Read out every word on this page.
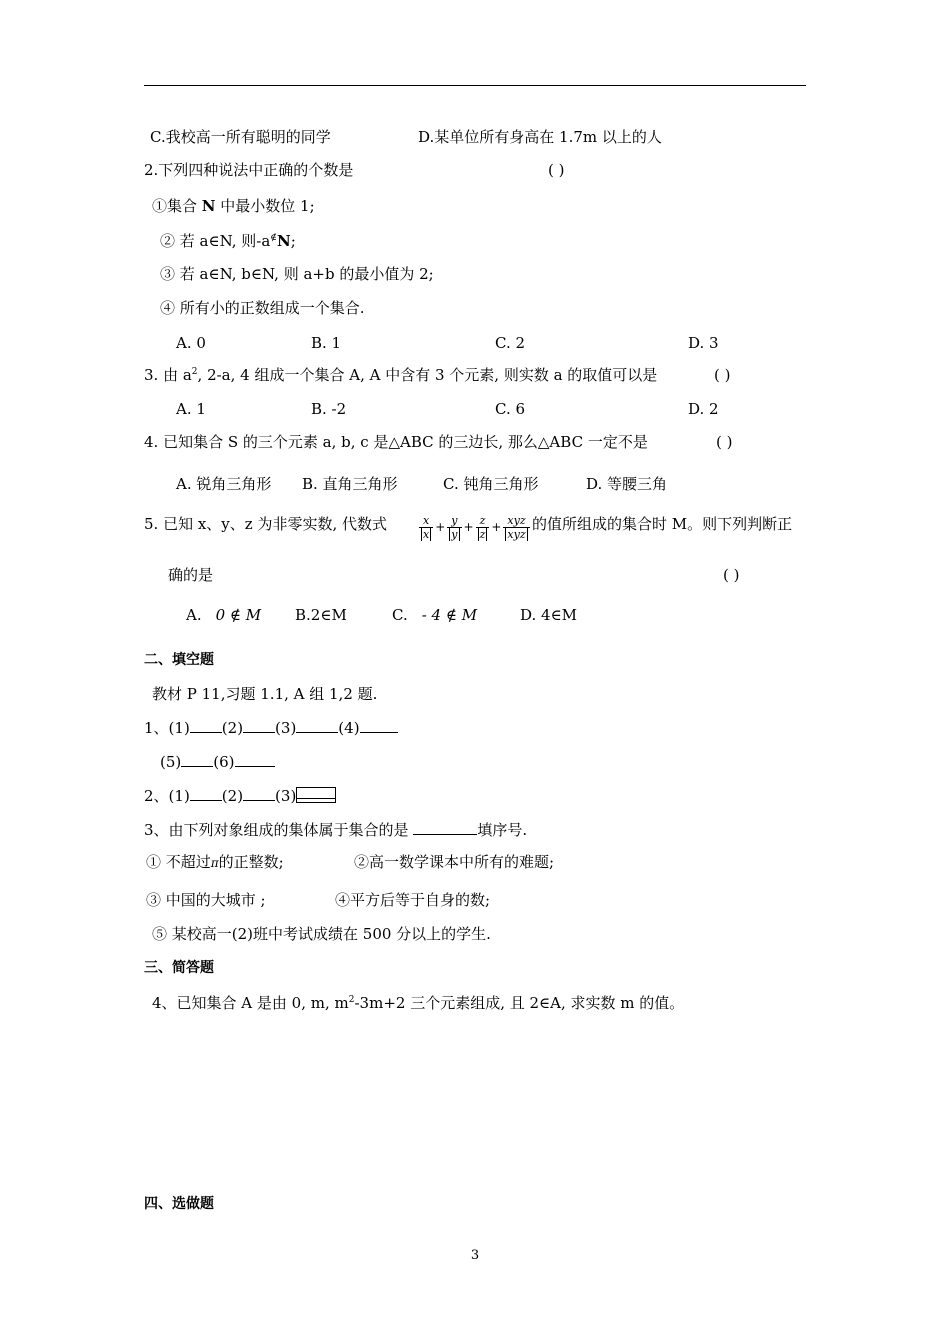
C.我校高一所有聪明的同学	D.某单位所有身高在 1.7m 以上的人
2.下列四种说法中正确的个数是	( )
①集合 N 中最小数位 1;
② 若 a∈N, 则-a∉N;
③ 若 a∈N, b∈N, 则 a+b 的最小值为 2;
④ 所有小的正数组成一个集合.
A. 0	B. 1	C. 2	D. 3
3. 由 $a^2$, 2-a, 4 组成一个集合 A, A 中含有 3 个元素, 则实数 a 的取值可以是	( )
A. 1	B. -2	C. 6	D. 2
4. 已知集合 S 的三个元素 a, b, c 是△ABC 的三边长, 那么△ABC 一定不是	( )
A. 锐角三角形 B. 直角三角形	C. 钝角三角形	D. 等腰三角
5. 已知 x、y、z 为非零实数, 代数式	$\frac{x}{x} + \frac{y}{y} + \frac{z}{z} + \frac{\text{xyz}}{\text{xyz}}$ 的值所组成的集合时 M。则下列判断正
确的是	( )
A. 0 ∉ M B.2∈M	C. - 4 ∉ M	D. 4∈M
二、填空题
教材 P 11,习题 1.1, A 组 1,2 题.
1、(1) (2) (3)	(4)
(5) (6)
2、(1) (2) (3)
3、由下列对象组成的集体属于集合的是	填序号.
① 不超过π的正整数;	②高一数学课本中所有的难题;
③ 中国的大城市 ;	④平方后等于自身的数;
⑤ 某校高一(2)班中考试成绩在 500 分以上的学生.
三、简答题
4、已知集合 A 是由 0, m, $m^2-3m+2$ 三个元素组成, 且 2∈A, 求实数 m 的值。
四、选做题
3
